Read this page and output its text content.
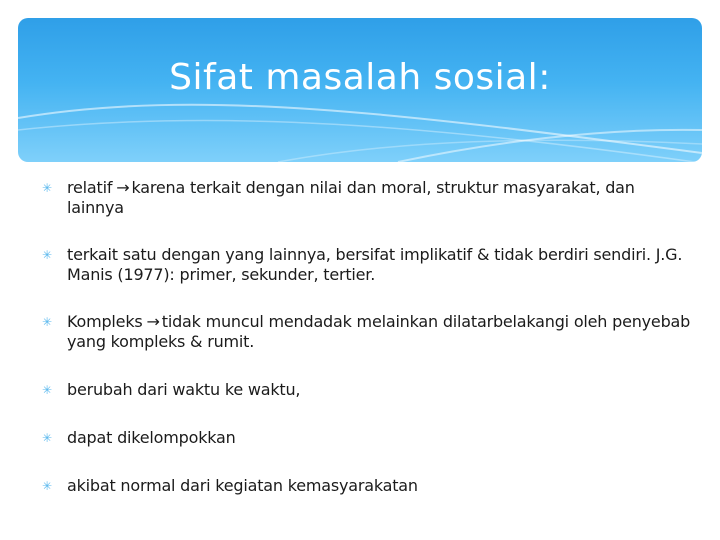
Sifat masalah sosial:
✳ relatif → karena terkait dengan nilai dan moral, struktur masyarakat, dan lainnya
✳ terkait satu dengan yang lainnya, bersifat implikatif & tidak berdiri sendiri. J.G. Manis (1977): primer, sekunder, tertier.
✳ Kompleks → tidak muncul mendadak melainkan dilatarbelakangi oleh penyebab yang kompleks & rumit.
✳ berubah dari waktu ke waktu,
✳ dapat dikelompokkan
✳ akibat normal dari kegiatan kemasyarakatan
